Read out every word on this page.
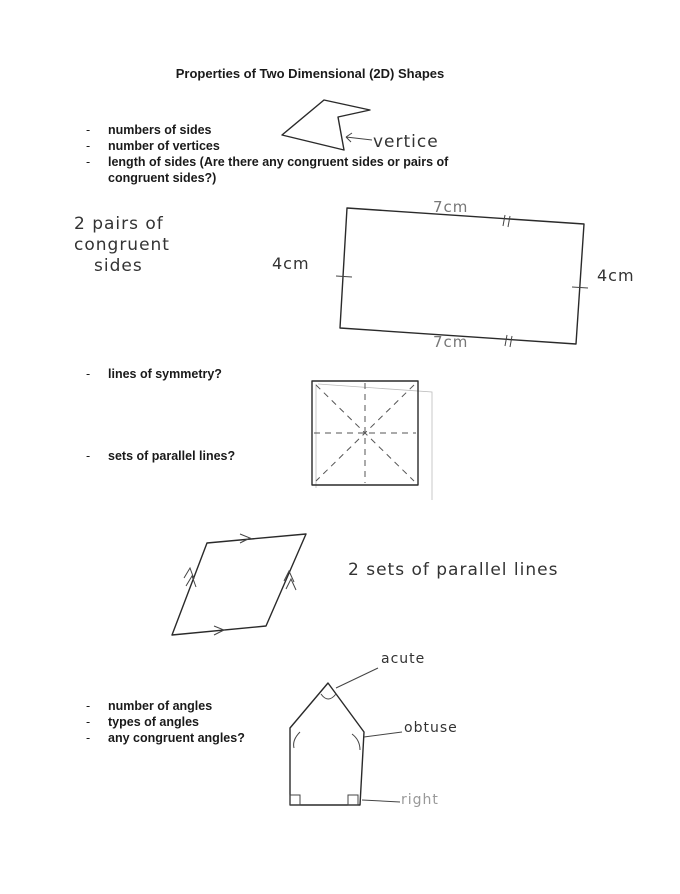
Properties of Two Dimensional (2D) Shapes
- numbers of sides
- number of vertices
- length of sides (Are there any congruent sides or pairs of congruent sides?)
- lines of symmetry?
- sets of parallel lines?
- number of angles
- types of angles
- any congruent angles?
vertice
2 pairs of
congruent
sides
7cm
7cm
4cm
4cm
2 sets of parallel lines
acute
obtuse
right
